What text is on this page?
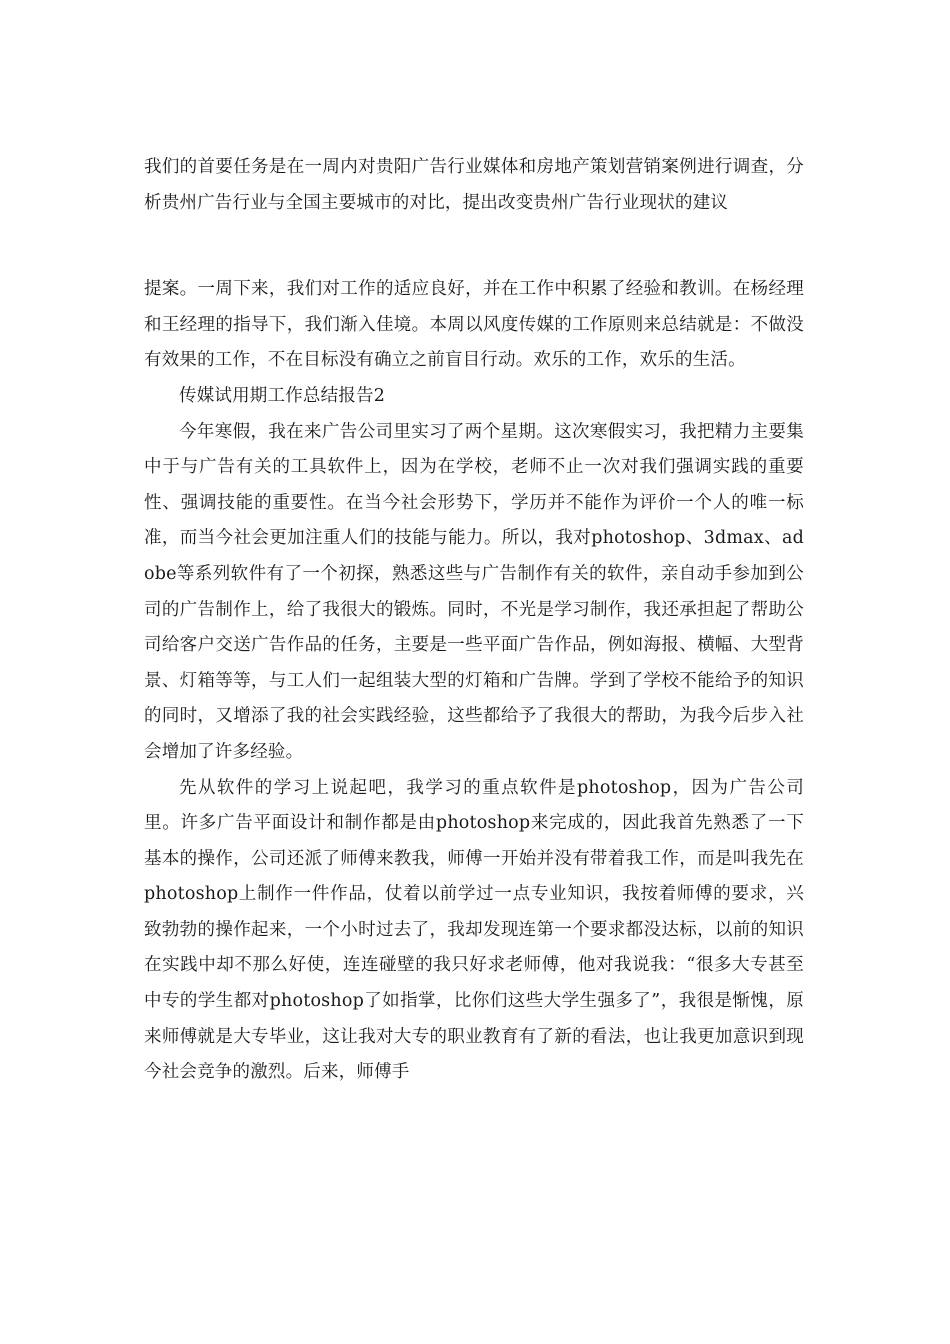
我们的首要任务是在一周内对贵阳广告行业媒体和房地产策划营销案例进行调查，分析贵州广告行业与全国主要城市的对比，提出改变贵州广告行业现状的建议

提案。一周下来，我们对工作的适应良好，并在工作中积累了经验和教训。在杨经理和王经理的指导下，我们渐入佳境。本周以风度传媒的工作原则来总结就是：不做没有效果的工作，不在目标没有确立之前盲目行动。欢乐的工作，欢乐的生活。

传媒试用期工作总结报告2

今年寒假，我在来广告公司里实习了两个星期。这次寒假实习，我把精力主要集中于与广告有关的工具软件上，因为在学校，老师不止一次对我们强调实践的重要性、强调技能的重要性。在当今社会形势下，学历并不能作为评价一个人的唯一标准，而当今社会更加注重人们的技能与能力。所以，我对photoshop、3dmax、adobe等系列软件有了一个初探，熟悉这些与广告制作有关的软件，亲自动手参加到公司的广告制作上，给了我很大的锻炼。同时，不光是学习制作，我还承担起了帮助公司给客户交送广告作品的任务，主要是一些平面广告作品，例如海报、横幅、大型背景、灯箱等等，与工人们一起组装大型的灯箱和广告牌。学到了学校不能给予的知识的同时，又增添了我的社会实践经验，这些都给予了我很大的帮助，为我今后步入社会增加了许多经验。

先从软件的学习上说起吧，我学习的重点软件是photoshop，因为广告公司里。许多广告平面设计和制作都是由photoshop来完成的，因此我首先熟悉了一下基本的操作，公司还派了师傅来教我，师傅一开始并没有带着我工作，而是叫我先在photoshop上制作一件作品，仗着以前学过一点专业知识，我按着师傅的要求，兴致勃勃的操作起来，一个小时过去了，我却发现连第一个要求都没达标，以前的知识在实践中却不那么好使，连连碰壁的我只好求老师傅，他对我说我：“很多大专甚至中专的学生都对photoshop了如指掌，比你们这些大学生强多了”，我很是惭愧，原来师傅就是大专毕业，这让我对大专的职业教育有了新的看法，也让我更加意识到现今社会竞争的激烈。后来，师傅手
